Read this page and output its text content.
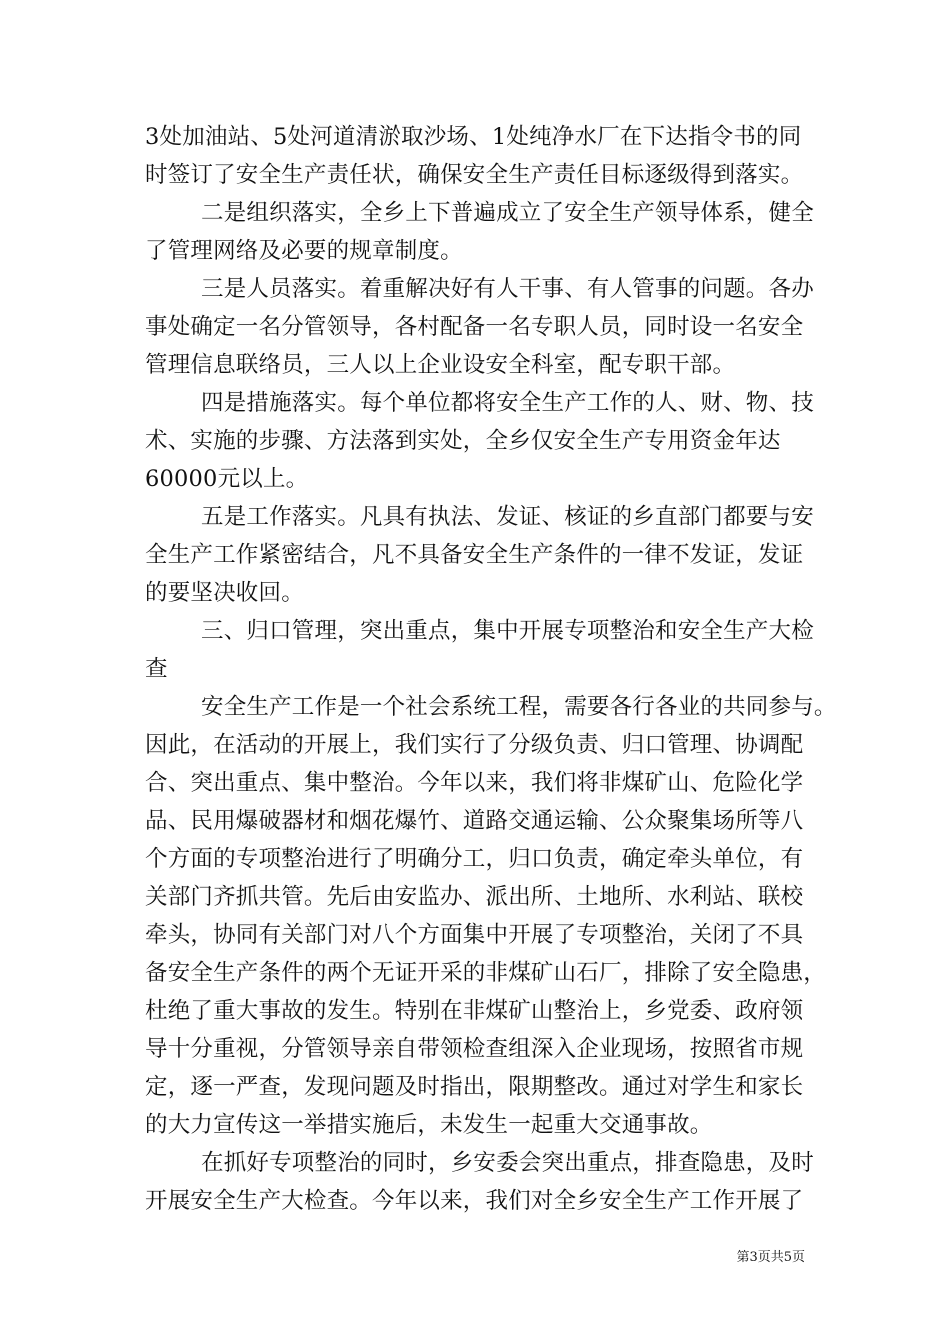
3处加油站、5处河道清淤取沙场、1处纯净水厂在下达指令书的同
时签订了安全生产责任状，确保安全生产责任目标逐级得到落实。
二是组织落实，全乡上下普遍成立了安全生产领导体系，健全
了管理网络及必要的规章制度。
三是人员落实。着重解决好有人干事、有人管事的问题。各办
事处确定一名分管领导，各村配备一名专职人员，同时设一名安全
管理信息联络员，三人以上企业设安全科室，配专职干部。
四是措施落实。每个单位都将安全生产工作的人、财、物、技
术、实施的步骤、方法落到实处，全乡仅安全生产专用资金年达
60000元以上。
五是工作落实。凡具有执法、发证、核证的乡直部门都要与安
全生产工作紧密结合，凡不具备安全生产条件的一律不发证，发证
的要坚决收回。
三、归口管理，突出重点，集中开展专项整治和安全生产大检
查
安全生产工作是一个社会系统工程，需要各行各业的共同参与。
因此，在活动的开展上，我们实行了分级负责、归口管理、协调配
合、突出重点、集中整治。今年以来，我们将非煤矿山、危险化学
品、民用爆破器材和烟花爆竹、道路交通运输、公众聚集场所等八
个方面的专项整治进行了明确分工，归口负责，确定牵头单位，有
关部门齐抓共管。先后由安监办、派出所、土地所、水利站、联校
牵头，协同有关部门对八个方面集中开展了专项整治，关闭了不具
备安全生产条件的两个无证开采的非煤矿山石厂，排除了安全隐患，
杜绝了重大事故的发生。特别在非煤矿山整治上，乡党委、政府领
导十分重视，分管领导亲自带领检查组深入企业现场，按照省市规
定，逐一严查，发现问题及时指出，限期整改。通过对学生和家长
的大力宣传这一举措实施后，未发生一起重大交通事故。
在抓好专项整治的同时，乡安委会突出重点，排查隐患，及时
开展安全生产大检查。今年以来，我们对全乡安全生产工作开展了
第3页共5页
